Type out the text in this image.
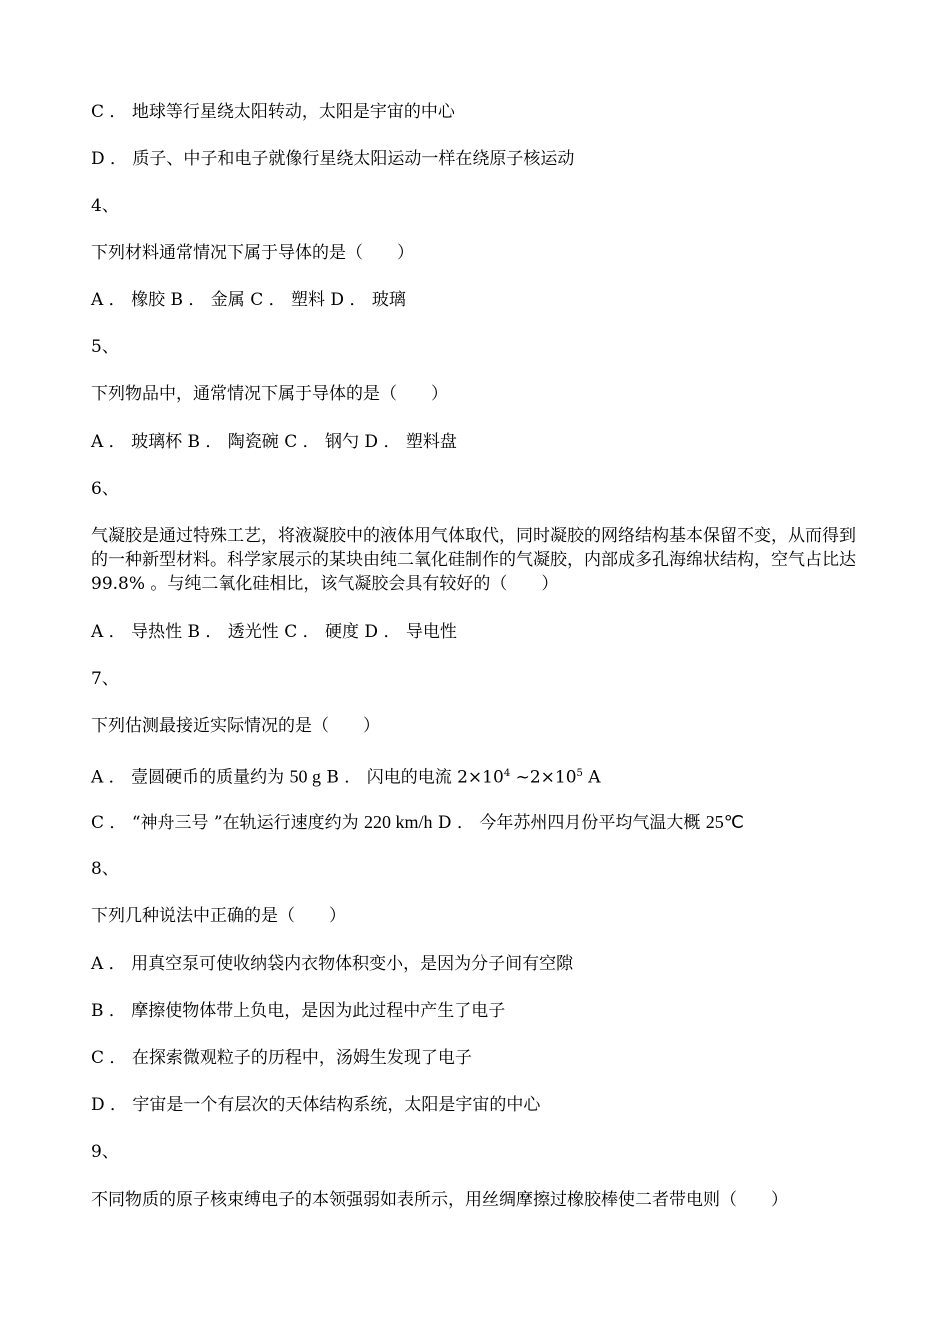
C ． 地球等行星绕太阳转动，太阳是宇宙的中心
D ． 质子、中子和电子就像行星绕太阳运动一样在绕原子核运动
4、
下列材料通常情况下属于导体的是（　　）
A ． 橡胶 B ． 金属 C ． 塑料 D ． 玻璃
5、
下列物品中，通常情况下属于导体的是（　　）
A ． 玻璃杯 B ． 陶瓷碗 C ． 钢勺 D ． 塑料盘
6、
气凝胶是通过特殊工艺，将液凝胶中的液体用气体取代，同时凝胶的网络结构基本保留不变，从而得到的一种新型材料。科学家展示的某块由纯二氧化硅制作的气凝胶，内部成多孔海绵状结构，空气占比达 99.8% 。与纯二氧化硅相比，该气凝胶会具有较好的（　　）
A ． 导热性 B ． 透光性 C ． 硬度 D ． 导电性
7、
下列估测最接近实际情况的是（　　）
A ． 壹圆硬币的质量约为 50 g B ． 闪电的电流 $2\times 10^4$ $\sim 2\times 10^5$ A
C ． “神舟三号 ”在轨运行速度约为 220 km/h D ． 今年苏州四月份平均气温大概 25℃
8、
下列几种说法中正确的是（　　）
A ． 用真空泵可使收纳袋内衣物体积变小，是因为分子间有空隙
B ． 摩擦使物体带上负电，是因为此过程中产生了电子
C ． 在探索微观粒子的历程中，汤姆生发现了电子
D ． 宇宙是一个有层次的天体结构系统，太阳是宇宙的中心
9、
不同物质的原子核束缚电子的本领强弱如表所示，用丝绸摩擦过橡胶棒使二者带电则（　　）
